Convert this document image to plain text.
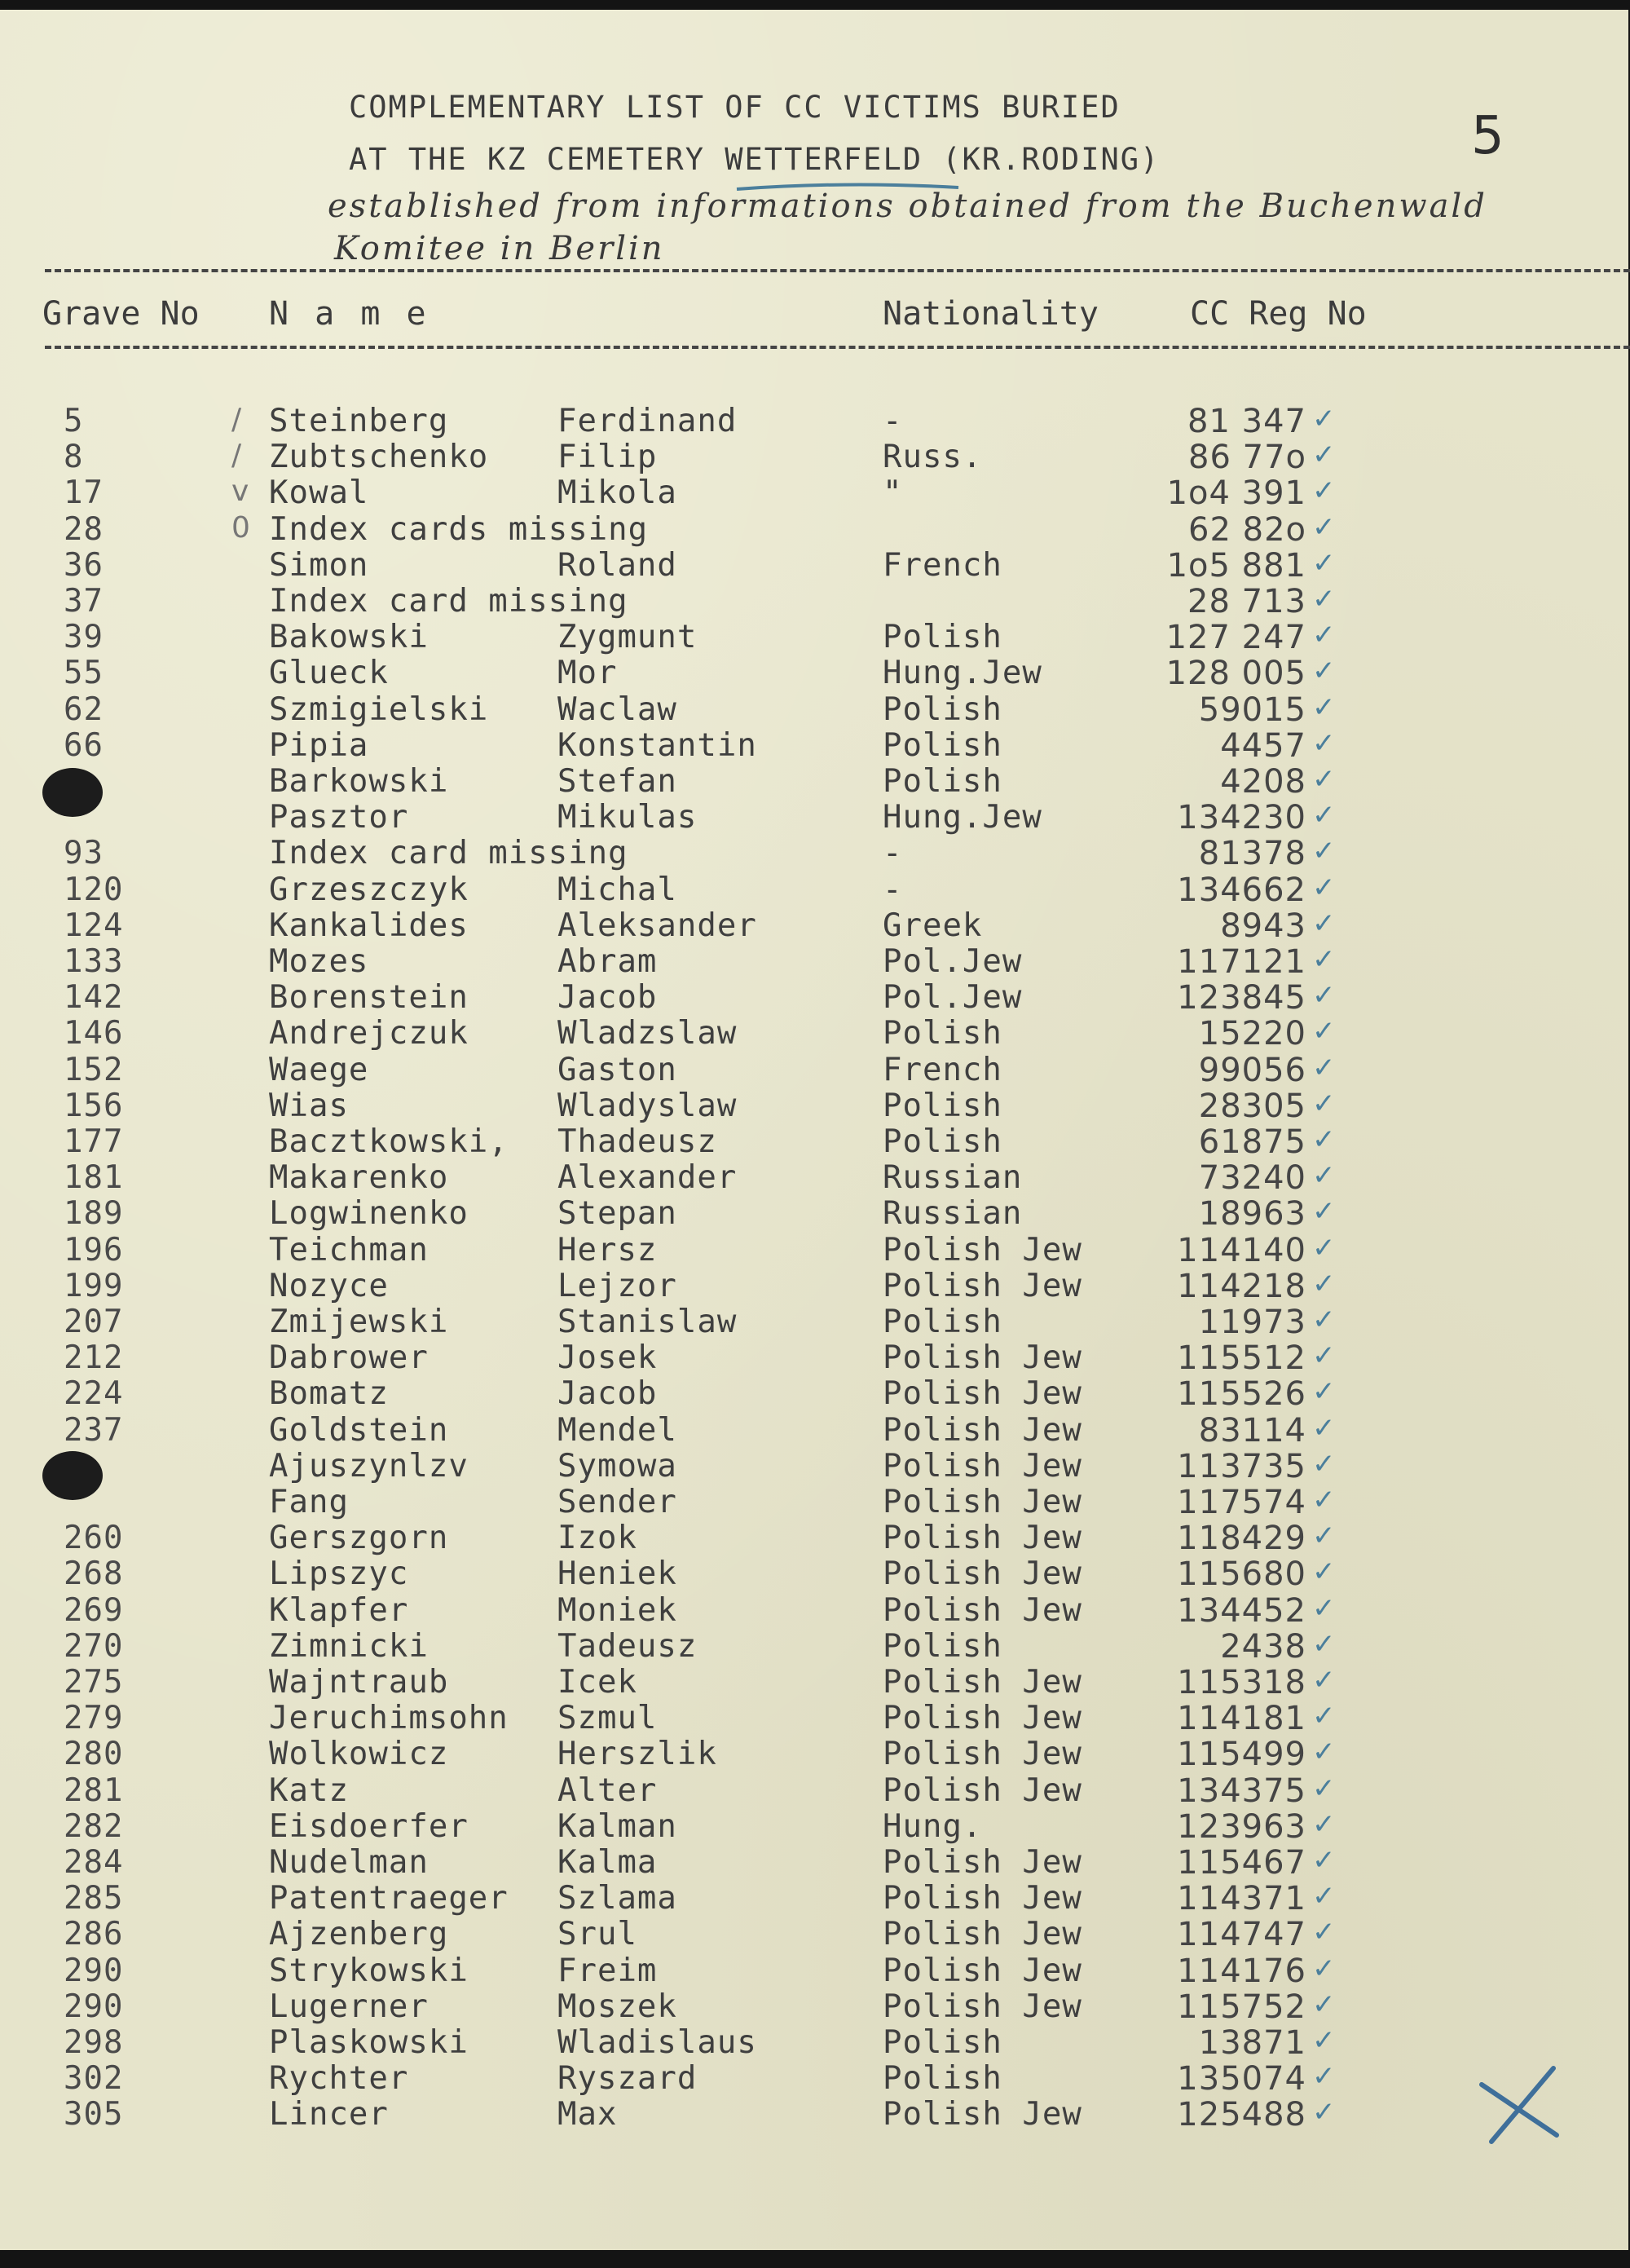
COMPLEMENTARY LIST OF CC VICTIMS BURIED
AT THE KZ CEMETERY WETTERFELD (KR.RODING)	5
established from informations obtained from the Buchenwald
Komitee in Berlin
Grave No N a m e	Nationality	CC Reg No
5	/ Steinberg	Ferdinand	-	81 347 ✓
8	/ Zubtschenko Filip	Russ.	86 77o ✓
17	v Kowal	Mikola	"	1o4 391 ✓
28	0 Index cards missing	62 82o ✓
36	Simon	Roland	French	1o5 881 ✓
37	Index card missing	28 713 ✓
39	Bakowski	Zygmunt	Polish	127 247 ✓
55	Glueck	Mor	Hung.Jew	128 005 ✓
62	Szmigielski Waclaw	Polish	59015 ✓
66	Pipia	Konstantin	Polish	4457 ✓
Barkowski	Stefan	Polish	4208 ✓
Pasztor	Mikulas	Hung.Jew	134230 ✓
93	Index card missing	-	81378 ✓
120	Grzeszczyk	Michal	-	134662 ✓
124	Kankalides	Aleksander	Greek	8943 ✓
133	Mozes	Abram	Pol.Jew	117121 ✓
142	Borenstein	Jacob	Pol.Jew	123845 ✓
146	Andrejczuk	Wladzslaw	Polish	15220 ✓
152	Waege	Gaston	French	99056 ✓
156	Wias	Wladyslaw	Polish	28305 ✓
177	Bacztkowski, Thadeusz	Polish	61875 ✓
181	Makarenko	Alexander	Russian	73240 ✓
189	Logwinenko	Stepan	Russian	18963 ✓
196	Teichman	Hersz	Polish Jew	114140 ✓
199	Nozyce	Lejzor	Polish Jew	114218 ✓
207	Zmijewski	Stanislaw	Polish	11973 ✓
212	Dabrower	Josek	Polish Jew	115512 ✓
224	Bomatz	Jacob	Polish Jew	115526 ✓
237	Goldstein	Mendel	Polish Jew	83114 ✓
Ajuszynlzv	Symowa	Polish Jew	113735 ✓
Fang	Sender	Polish Jew	117574 ✓
260	Gerszgorn	Izok	Polish Jew	118429 ✓
268	Lipszyc	Heniek	Polish Jew	115680 ✓
269	Klapfer	Moniek	Polish Jew	134452 ✓
270	Zimnicki	Tadeusz	Polish	2438 ✓
275	Wajntraub	Icek	Polish Jew	115318 ✓
279	Jeruchimsohn Szmul	Polish Jew	114181 ✓
280	Wolkowicz	Herszlik	Polish Jew	115499 ✓
281	Katz	Alter	Polish Jew	134375 ✓
282	Eisdoerfer	Kalman	Hung.	123963 ✓
284	Nudelman	Kalma	Polish Jew	115467 ✓
285	Patentraeger Szlama	Polish Jew	114371 ✓
286	Ajzenberg	Srul	Polish Jew	114747 ✓
290	Strykowski	Freim	Polish Jew	114176 ✓
290	Lugerner	Moszek	Polish Jew	115752 ✓
298	Plaskowski	Wladislaus	Polish	13871 ✓
302	Rychter	Ryszard	Polish	135074 ✓
305	Lincer	Max	Polish Jew	125488 ✓
